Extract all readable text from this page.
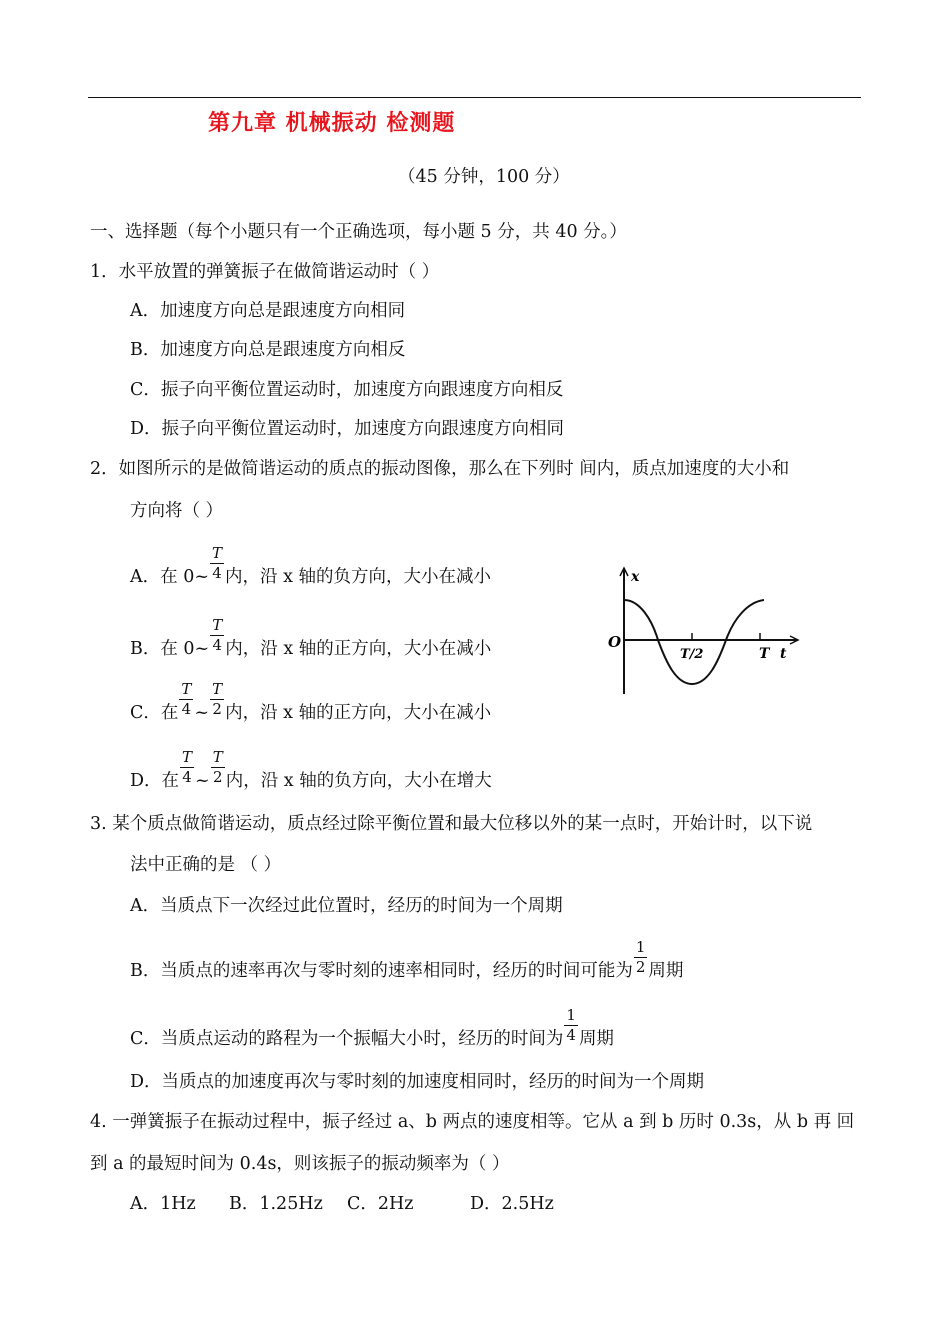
第九章 机械振动 检测题
（45 分钟，100 分）
一、选择题（每个小题只有一个正确选项，每小题 5 分，共 40 分。）
1．水平放置的弹簧振子在做简谐运动时（ ）
A．加速度方向总是跟速度方向相同
B．加速度方向总是跟速度方向相反
C．振子向平衡位置运动时，加速度方向跟速度方向相反
D．振子向平衡位置运动时，加速度方向跟速度方向相同
2．如图所示的是做简谐运动的质点的振动图像，那么在下列时 间内，质点加速度的大小和
方向将（ ）
A．在 0~ $\frac{T}{4}$ 内，沿 x 轴的负方向，大小在减小
B．在 0~ $\frac{T}{4}$ 内，沿 x 轴的正方向，大小在减小
C．在 $\frac{T}{4}$ ~ $\frac{T}{2}$ 内，沿 x 轴的正方向，大小在减小
D．在 $\frac{T}{4}$ ~ $\frac{T}{2}$ 内，沿 x 轴的负方向，大小在增大
x
O
T/2	T t
3. 某个质点做简谐运动，质点经过除平衡位置和最大位移以外的某一点时，开始计时，以下说
法中正确的是 （ ）
A．当质点下一次经过此位置时，经历的时间为一个周期
B．当质点的速率再次与零时刻的速率相同时，经历的时间可能为 $\frac{1}{2}$ 周期
C．当质点运动的路程为一个振幅大小时，经历的时间为 $\frac{1}{4}$ 周期
D．当质点的加速度再次与零时刻的加速度相同时，经历的时间为一个周期
4. 一弹簧振子在振动过程中，振子经过 a、b 两点的速度相等。它从 a 到 b 历时 0.3s，从 b 再 回
到 a 的最短时间为 0.4s，则该振子的振动频率为（ ）
A．1Hz B．1.25Hz C．2Hz	D．2.5Hz
